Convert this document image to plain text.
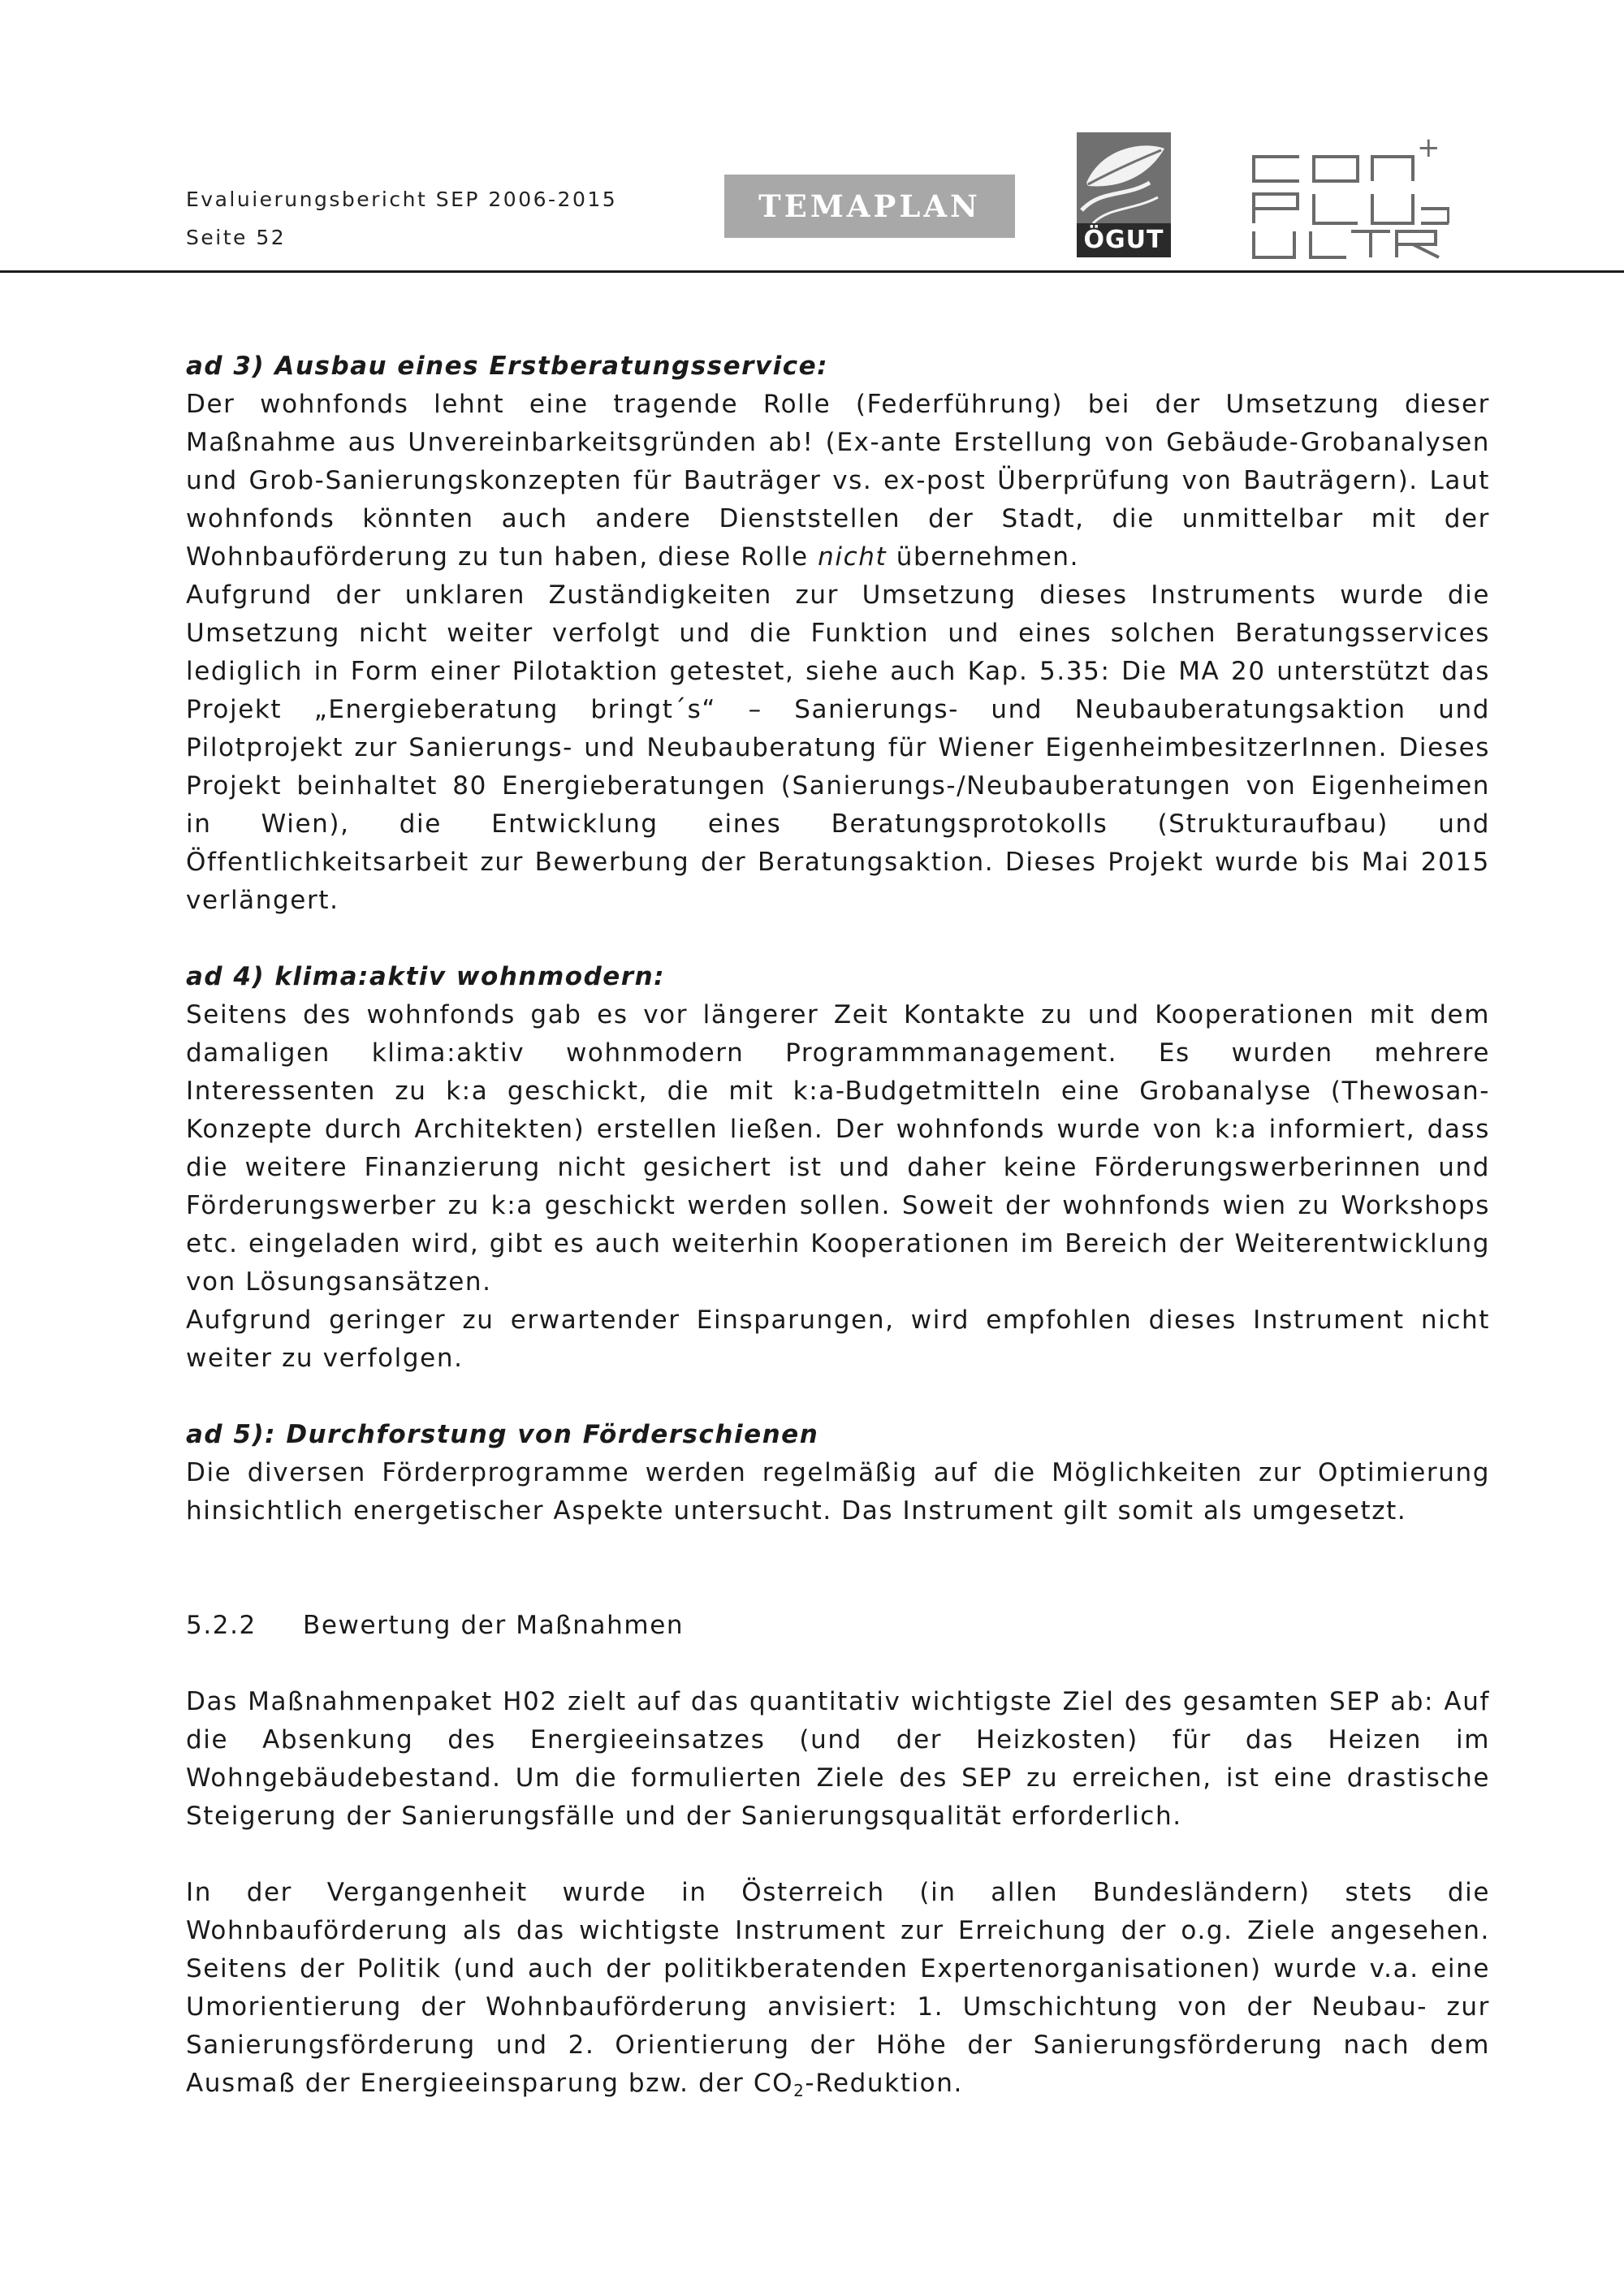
Evaluierungsbericht SEP 2006-2015
Seite 52
TEMAPLAN
ÖGUT
+

ad 3) Ausbau eines Erstberatungsservice:

Der wohnfonds lehnt eine tragende Rolle (Federführung) bei der Umsetzung dieser Maßnahme aus Unvereinbarkeitsgründen ab! (Ex-ante Erstellung von Gebäude-Grobanalysen und Grob-Sanierungskonzepten für Bauträger vs. ex-post Überprüfung von Bauträgern). Laut wohnfonds könnten auch andere Dienststellen der Stadt, die unmittelbar mit der Wohnbauförderung zu tun haben, diese Rolle nicht übernehmen.

Aufgrund der unklaren Zuständigkeiten zur Umsetzung dieses Instruments wurde die Umsetzung nicht weiter verfolgt und die Funktion und eines solchen Beratungsservices lediglich in Form einer Pilotaktion getestet, siehe auch Kap. 5.35: Die MA 20 unterstützt das Projekt „Energieberatung bringt´s“ – Sanierungs- und Neubauberatungsaktion und Pilotprojekt zur Sanierungs- und Neubauberatung für Wiener EigenheimbesitzerInnen. Dieses Projekt beinhaltet 80 Energieberatungen (Sanierungs-/Neubauberatungen von Eigenheimen in Wien), die Entwicklung eines Beratungsprotokolls (Strukturaufbau) und Öffentlichkeitsarbeit zur Bewerbung der Beratungsaktion. Dieses Projekt wurde bis Mai 2015 verlängert.

ad 4) klima:aktiv wohnmodern:

Seitens des wohnfonds gab es vor längerer Zeit Kontakte zu und Kooperationen mit dem damaligen klima:aktiv wohnmodern Programmmanagement. Es wurden mehrere Interessenten zu k:a geschickt, die mit k:a-Budgetmitteln eine Grobanalyse (Thewosan-Konzepte durch Architekten) erstellen ließen. Der wohnfonds wurde von k:a informiert, dass die weitere Finanzierung nicht gesichert ist und daher keine Förderungswerberinnen und Förderungswerber zu k:a geschickt werden sollen. Soweit der wohnfonds wien zu Workshops etc. eingeladen wird, gibt es auch weiterhin Kooperationen im Bereich der Weiterentwicklung von Lösungsansätzen.

Aufgrund geringer zu erwartender Einsparungen, wird empfohlen dieses Instrument nicht weiter zu verfolgen.

ad 5): Durchforstung von Förderschienen

Die diversen Förderprogramme werden regelmäßig auf die Möglichkeiten zur Optimierung hinsichtlich energetischer Aspekte untersucht. Das Instrument gilt somit als umgesetzt.

5.2.2 Bewertung der Maßnahmen

Das Maßnahmenpaket H02 zielt auf das quantitativ wichtigste Ziel des gesamten SEP ab: Auf die Absenkung des Energieeinsatzes (und der Heizkosten) für das Heizen im Wohngebäudebestand. Um die formulierten Ziele des SEP zu erreichen, ist eine drastische Steigerung der Sanierungsfälle und der Sanierungsqualität erforderlich.

In der Vergangenheit wurde in Österreich (in allen Bundesländern) stets die Wohnbauförderung als das wichtigste Instrument zur Erreichung der o.g. Ziele angesehen. Seitens der Politik (und auch der politikberatenden Expertenorganisationen) wurde v.a. eine Umorientierung der Wohnbauförderung anvisiert: 1. Umschichtung von der Neubau- zur Sanierungsförderung und 2. Orientierung der Höhe der Sanierungsförderung nach dem Ausmaß der Energieeinsparung bzw. der $CO_2$-Reduktion.
